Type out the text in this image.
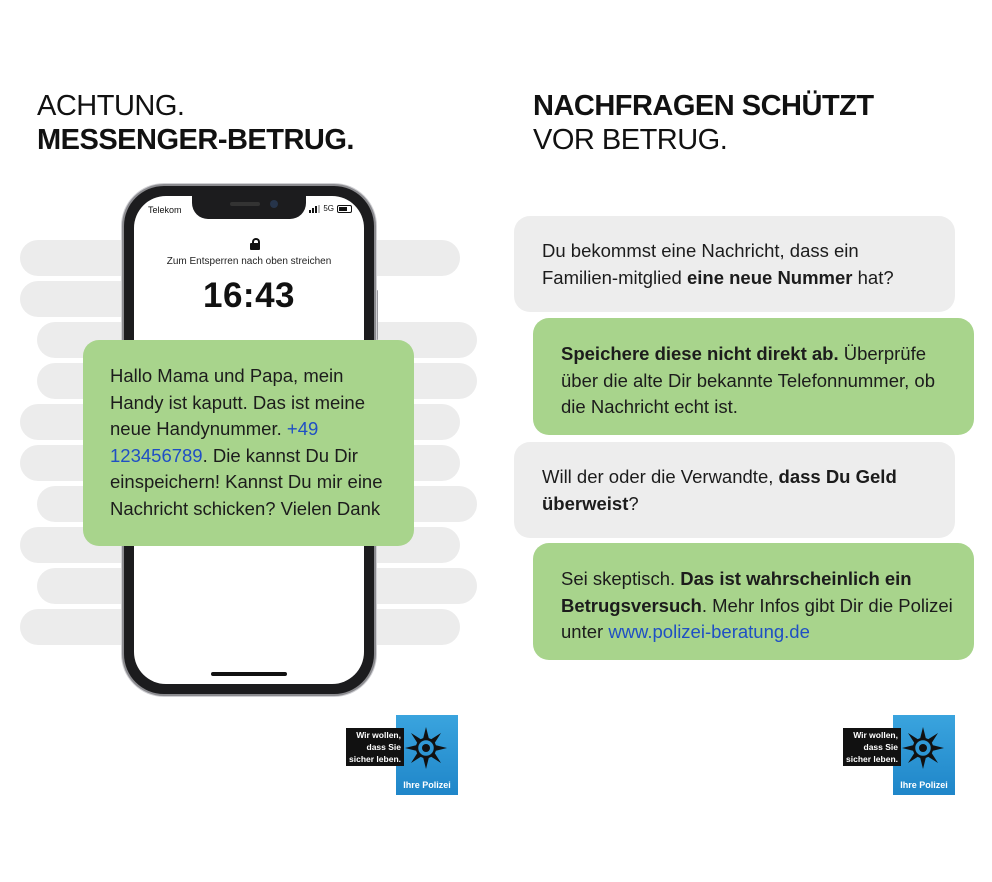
ACHTUNG.
MESSENGER-BETRUG.
NACHFRAGEN SCHÜTZT
VOR BETRUG.
Telekom	5G
Zum Entsperren nach oben streichen
16:43
Hallo Mama und Papa, mein Handy ist kaputt. Das ist meine neue Handynummer. +49 123456789. Die kannst Du Dir einspeichern! Kannst Du mir eine Nachricht schicken? Vielen Dank
Du bekommst eine Nachricht, dass ein Familien-mitglied eine neue Nummer hat?
Speichere diese nicht direkt ab. Überprüfe über die alte Dir bekannte Telefonnummer, ob die Nachricht echt ist.
Will der oder die Verwandte, dass Du Geld überweist?
Sei skeptisch. Das ist wahrscheinlich ein Betrugsversuch. Mehr Infos gibt Dir die Polizei unter www.polizei-beratung.de
Ihre Polizei
Wir wollen,
dass Sie
sicher leben.
Ihre Polizei
Wir wollen,
dass Sie
sicher leben.
